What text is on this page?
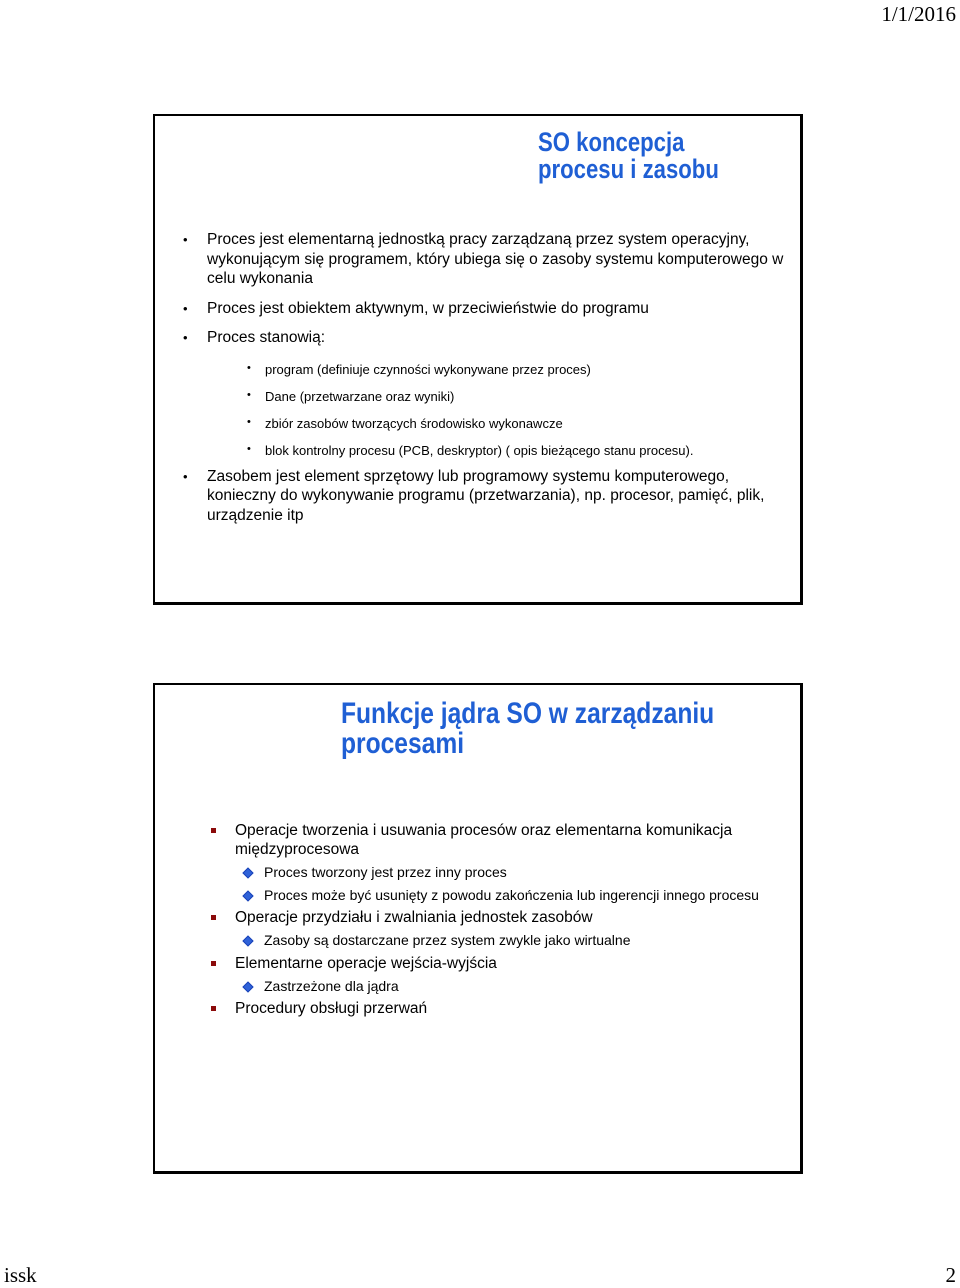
1/1/2016
SO koncepcja
procesu i zasobu
• Proces jest elementarną jednostką pracy zarządzaną przez system operacyjny, wykonującym się programem, który ubiega się o zasoby systemu komputerowego w celu wykonania
• Proces jest obiektem aktywnym, w przeciwieństwie do programu
• Proces stanowią:
• program (definiuje czynności wykonywane przez proces)
• Dane (przetwarzane oraz wyniki)
• zbiór zasobów tworzących środowisko wykonawcze
• blok kontrolny procesu (PCB, deskryptor) ( opis bieżącego stanu procesu).
• Zasobem jest element sprzętowy lub programowy systemu komputerowego, konieczny do wykonywanie programu (przetwarzania), np. procesor, pamięć, plik, urządzenie itp
Funkcje jądra SO w zarządzaniu
procesami
Operacje tworzenia i usuwania procesów oraz elementarna komunikacja międzyprocesowa
Proces tworzony jest przez inny proces
Proces może być usunięty z powodu zakończenia lub ingerencji innego procesu
Operacje przydziału i zwalniania jednostek zasobów
Zasoby są dostarczane przez system zwykle jako wirtualne
Elementarne operacje wejścia-wyjścia
Zastrzeżone dla jądra
Procedury obsługi przerwań
issk	2
